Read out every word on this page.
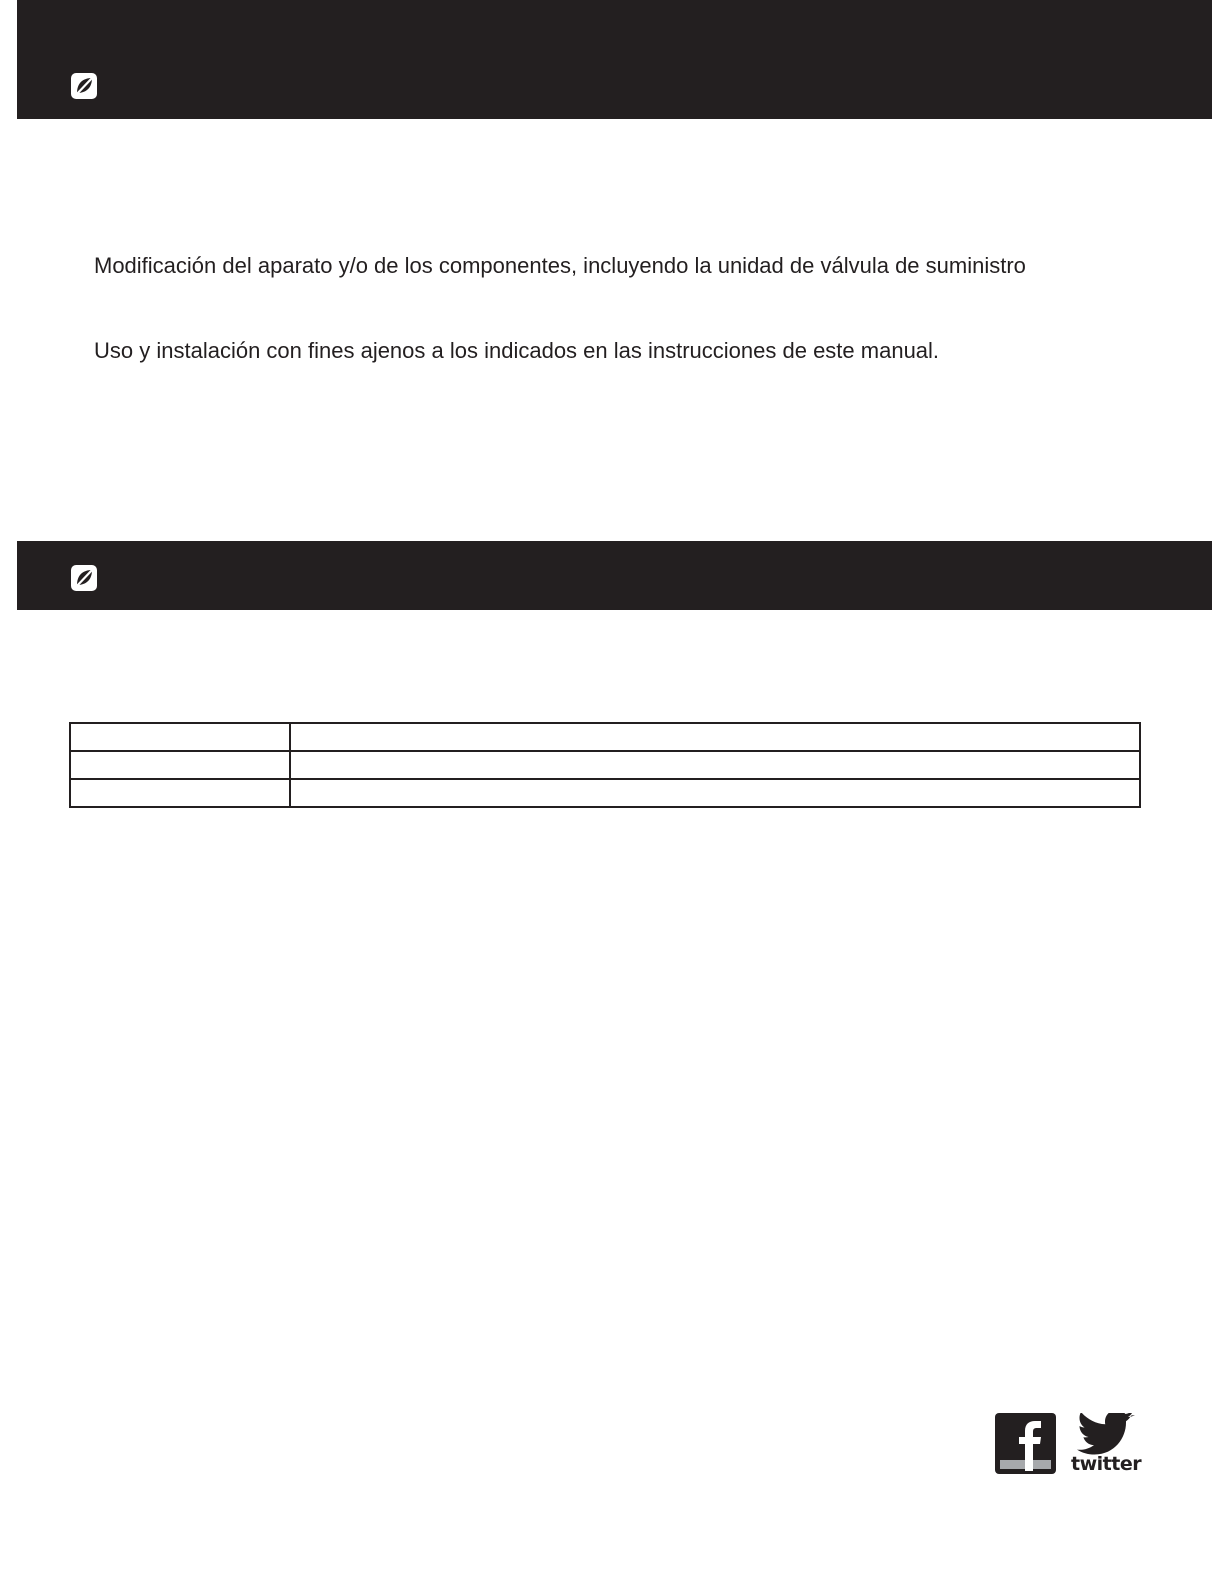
Modificación del aparato y/o de los componentes, incluyendo la unidad de válvula de suministro

Uso y instalación con fines ajenos a los indicados en las instrucciones de este manual.

twitter
